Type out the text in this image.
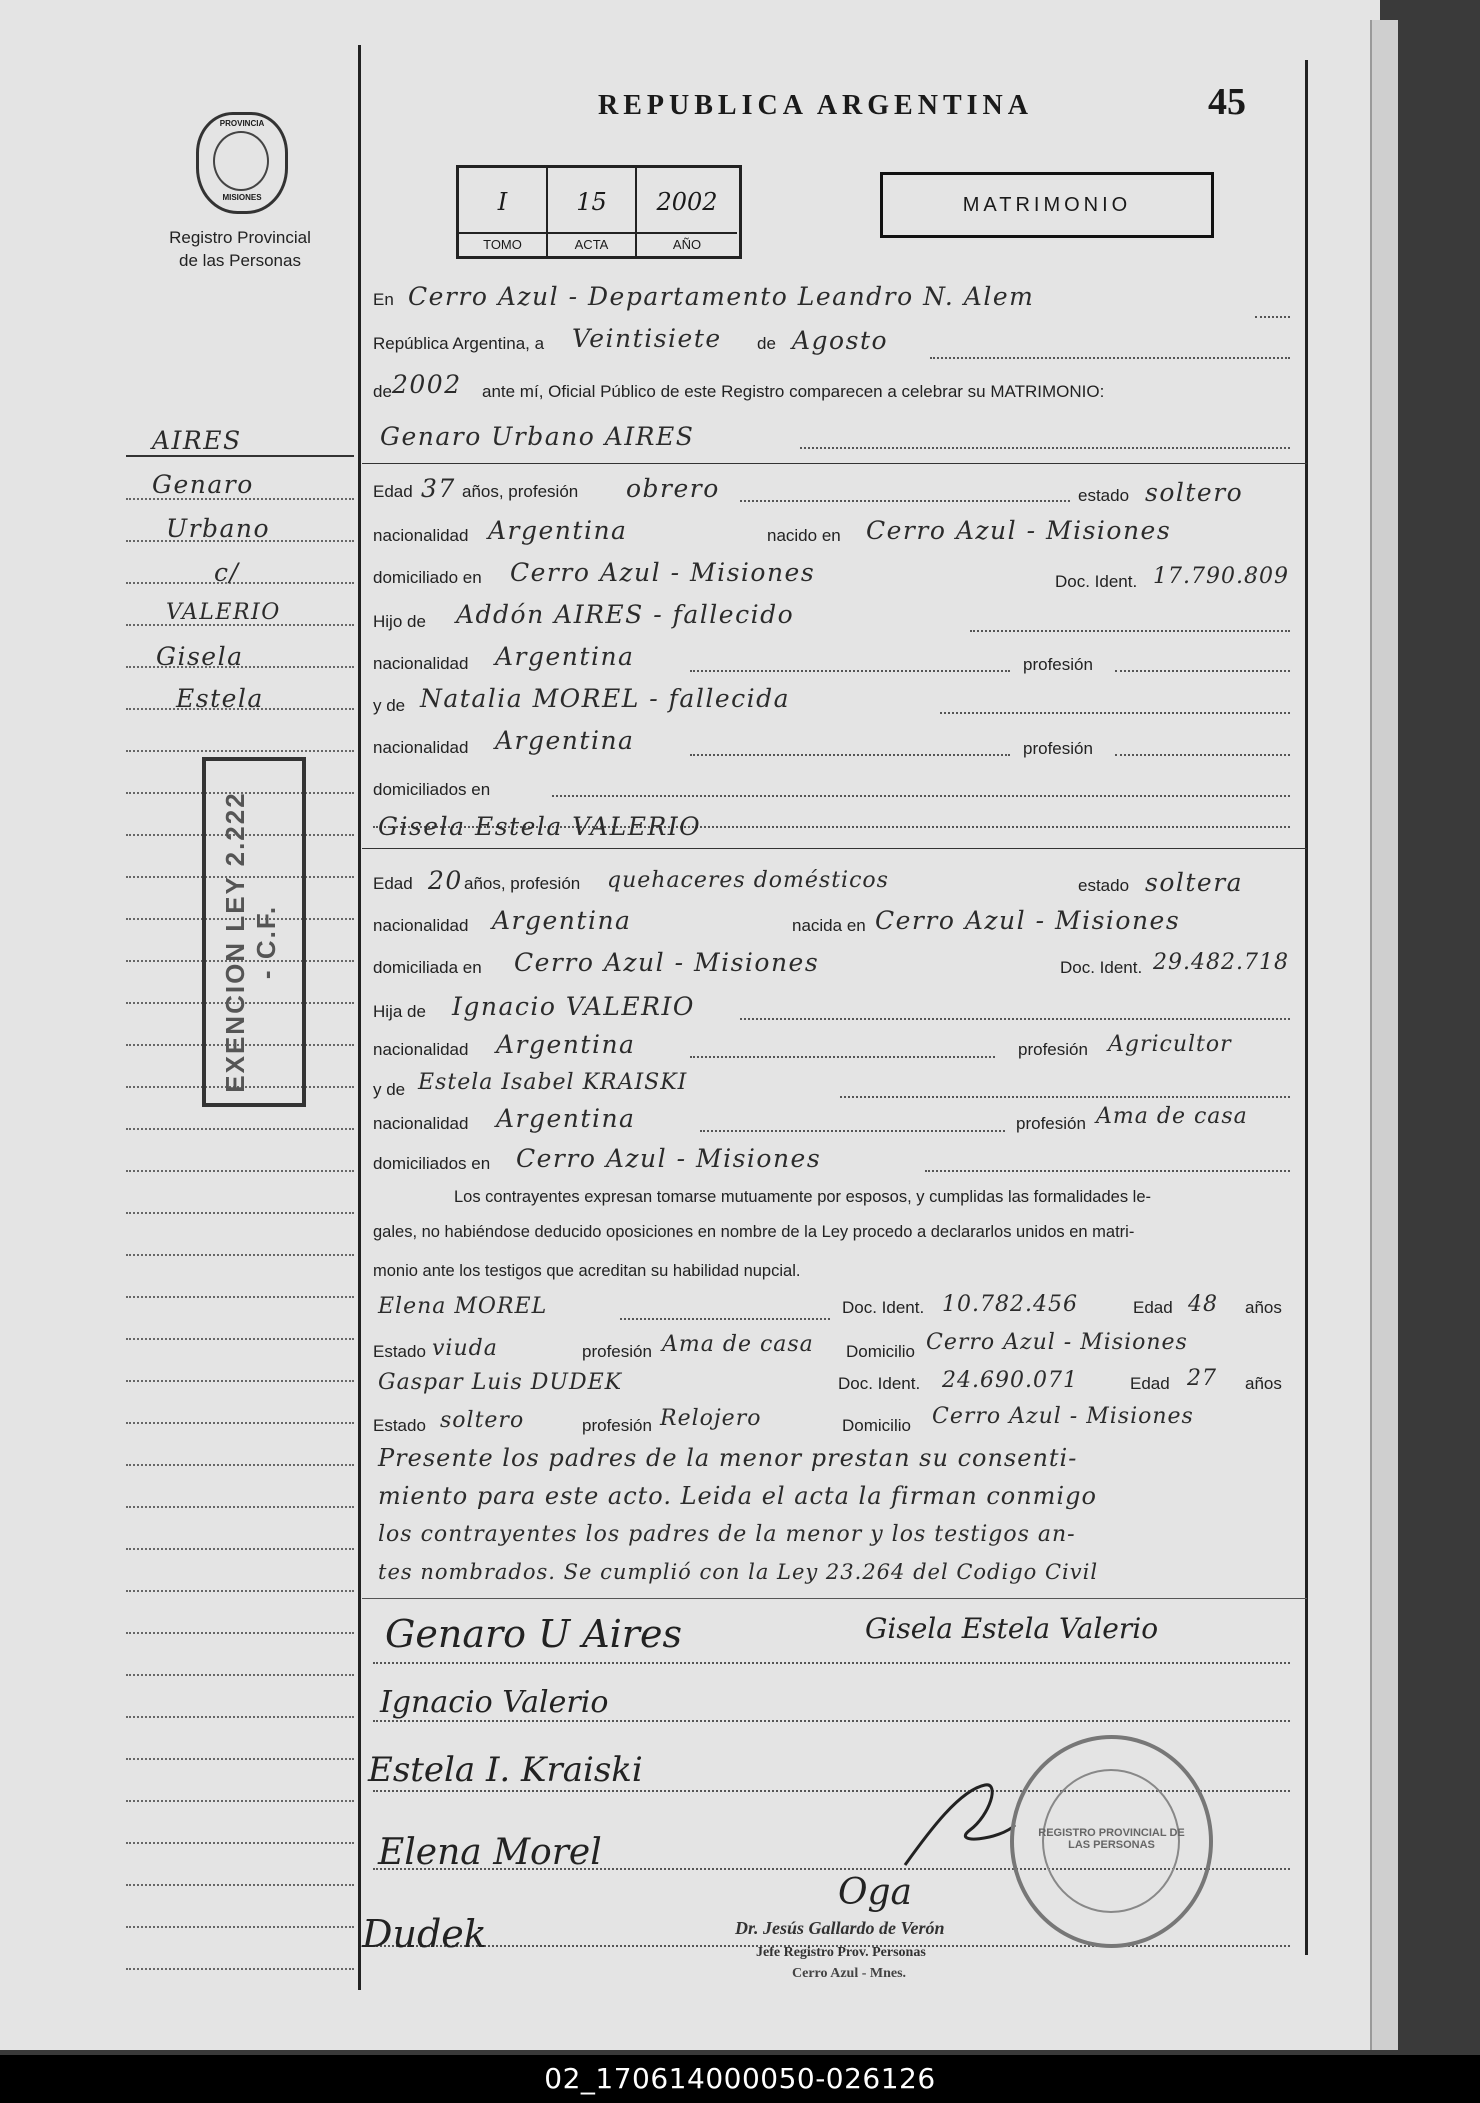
PROVINCIA
MISIONES
Registro Provincial
de las Personas
REPUBLICA ARGENTINA	45
I
TOMO
15
ACTA
2002
AÑO
MATRIMONIO
AIRES
Genaro
Urbano
c/
VALERIO
Gisela
Estela
EXENCION LEY 2.222 - C.F.
En Cerro Azul - Departamento Leandro N. Alem
República Argentina, a Veintisiete de Agosto
de 2002 ante mí, Oficial Público de este Registro comparecen a celebrar su MATRIMONIO:
Genaro Urbano AIRES
Edad 37 años, profesión obrero	estado soltero
nacionalidad Argentina	nacido en Cerro Azul - Misiones
domiciliado en Cerro Azul - Misiones	Doc. Ident. 17.790.809
Hijo de Addón AIRES - fallecido
nacionalidad Argentina	profesión
y de Natalia MOREL - fallecida
nacionalidad Argentina	profesión
domiciliados en
Gisela Estela VALERIO
Edad 20 años, profesión quehaceres domésticos	estado soltera
nacionalidad Argentina	nacida en Cerro Azul - Misiones
domiciliada en Cerro Azul - Misiones	Doc. Ident. 29.482.718
Hija de Ignacio VALERIO
nacionalidad Argentina	profesión Agricultor
y de Estela Isabel KRAISKI
nacionalidad Argentina	profesión Ama de casa
domiciliados en Cerro Azul - Misiones
Los contrayentes expresan tomarse mutuamente por esposos, y cumplidas las formalidades le-
gales, no habiéndose deducido oposiciones en nombre de la Ley procedo a declararlos unidos en matri-
monio ante los testigos que acreditan su habilidad nupcial.
Elena MOREL	Doc. Ident. 10.782.456	Edad 48 años
Estado viuda	profesión Ama de casa Domicilio Cerro Azul - Misiones
Gaspar Luis DUDEK	Doc. Ident. 24.690.071	Edad 27 años
Estado soltero	profesión Relojero	Domicilio Cerro Azul - Misiones
Presente los padres de la menor prestan su consenti-
miento para este acto. Leida el acta la firman conmigo
los contrayentes los padres de la menor y los testigos an-
tes nombrados. Se cumplió con la Ley 23.264 del Codigo Civil
Genaro U Aires	Gisela Estela Valerio
Ignacio Valerio
Estela I. Kraiski
Elena Morel
Dudek
Oga
Dr. Jesús Gallardo de Verón
Jefe Registro Prov. Personas
Cerro Azul - Mnes.
REGISTRO PROVINCIAL DE LAS PERSONAS
02_170614000050-026126
